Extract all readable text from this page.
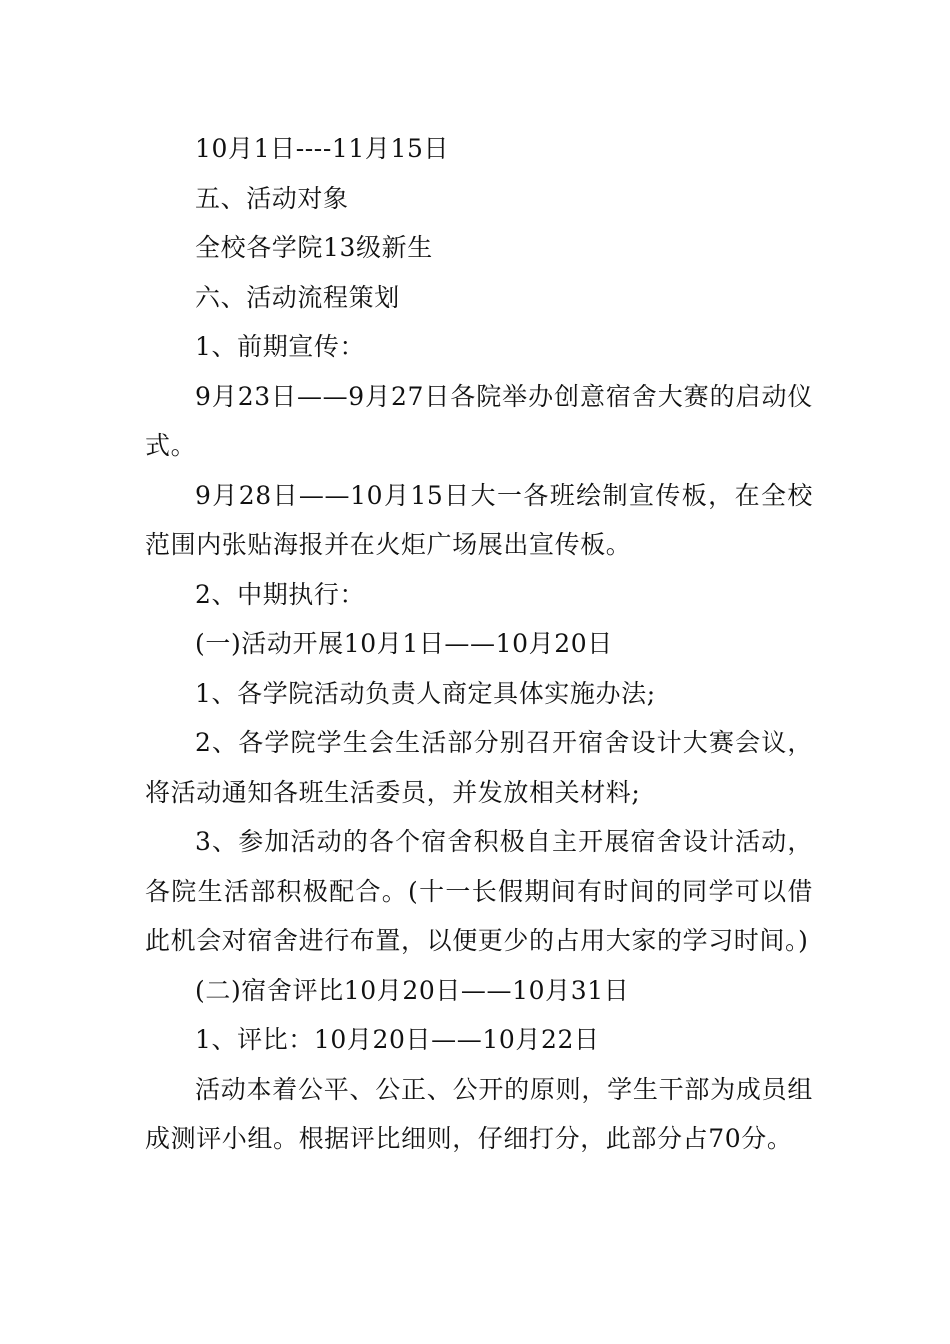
10月1日----11月15日

五、活动对象

全校各学院13级新生

六、活动流程策划

1、前期宣传：

9月23日——9月27日各院举办创意宿舍大赛的启动仪式。

9月28日——10月15日大一各班绘制宣传板，在全校范围内张贴海报并在火炬广场展出宣传板。

2、中期执行：

(一)活动开展10月1日——10月20日

1、各学院活动负责人商定具体实施办法;

2、各学院学生会生活部分别召开宿舍设计大赛会议，将活动通知各班生活委员，并发放相关材料;

3、参加活动的各个宿舍积极自主开展宿舍设计活动，各院生活部积极配合。(十一长假期间有时间的同学可以借此机会对宿舍进行布置，以便更少的占用大家的学习时间。)

(二)宿舍评比10月20日——10月31日

1、评比：10月20日——10月22日

活动本着公平、公正、公开的原则，学生干部为成员组成测评小组。根据评比细则，仔细打分，此部分占70分。
